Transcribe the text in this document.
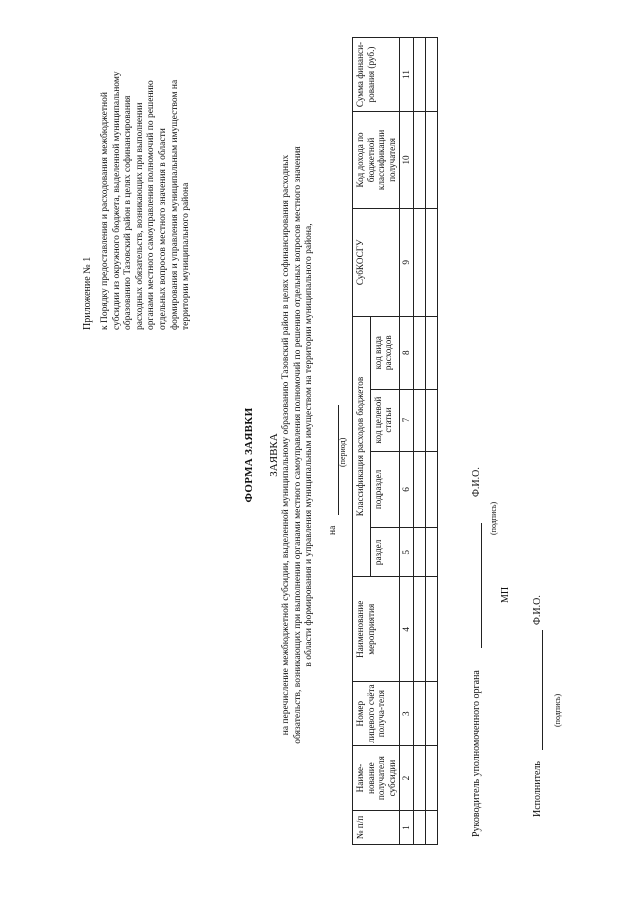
Приложение № 1 к Порядку предоставления и расходования межбюджетной субсидии из окружного бюджета, выделенной муниципальному образованию Тазовский район в целях софинансирования расходных обязательств, возникающих при выполнении органами местного самоуправления полномочий по решению отдельных вопросов местного значения в области формирования и управления муниципальным имуществом на территории муниципального района
ФОРМА ЗАЯВКИ ЗАЯВКА на перечисление межбюджетной субсидии, выделенной муниципальному образованию Тазовский район в целях софинансирования расходных обязательств, возникающих при выполнении органами местного самоуправления полномочий по решению отдельных вопросов местного значения в области формирования и управления муниципальным имуществом на территории муниципального района, на
(период)
№ п/п	Наиме-нование получателя субсидии	Номер лицевого счёта получа-теля	Наименование мероприятия	Классификация расходов бюджетов				СубКОСГУ	Код дохода по бюджетной классификации получателя	Сумма финанси-рования (руб.)
				раздел	подраздел	код целевой статьи	код вида расходов			
1	2	3	4	5	6	7	8	9	10	11

Руководитель уполномоченного органа
(подпись)
Ф.И.О.
МП
Исполнитель
(подпись)
Ф.И.О.
